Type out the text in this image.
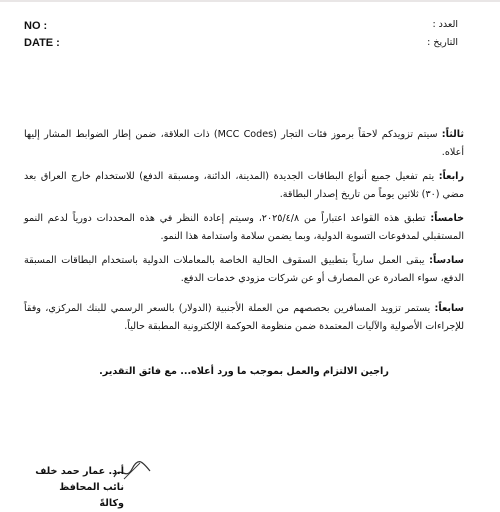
NO :
DATE :
العدد :
التاريخ :
ثالثاً: سيتم تزويدكم لاحقاً برموز فئات التجار (MCC Codes) ذات العلاقة، ضمن إطار الضوابط المشار إليها أعلاه.
رابعاً: يتم تفعيل جميع أنواع البطاقات الجديدة (المدينة، الدائنة، ومسبقة الدفع) للاستخدام خارج العراق بعد مضي (٣٠) ثلاثين يوماً من تاريخ إصدار البطاقة.
خامساً: تطبق هذه القواعد اعتباراً من ٢٠٢٥/٤/٨، وسيتم إعادة النظر في هذه المحددات دورياً لدعم النمو المستقبلي لمدفوعات التسوية الدولية، وبما يضمن سلامة واستدامة هذا النمو.
سادساً: يبقى العمل سارياً بتطبيق السقوف الحالية الخاصة بالمعاملات الدولية باستخدام البطاقات المسبقة الدفع، سواء الصادرة عن المصارف أو عن شركات مزودي خدمات الدفع.
سابعاً: يستمر تزويد المسافرين بحصصهم من العملة الأجنبية (الدولار) بالسعر الرسمي للبنك المركزي، وفقاً للإجراءات الأصولية والآليات المعتمدة ضمن منظومة الحوكمة الإلكترونية المطبقة حالياً.
راجين الالتزام والعمل بموجب ما ورد أعلاه... مع فائق التقدير.
أ.د. عمار حمد خلف
نائب المحافظ وكالةً
